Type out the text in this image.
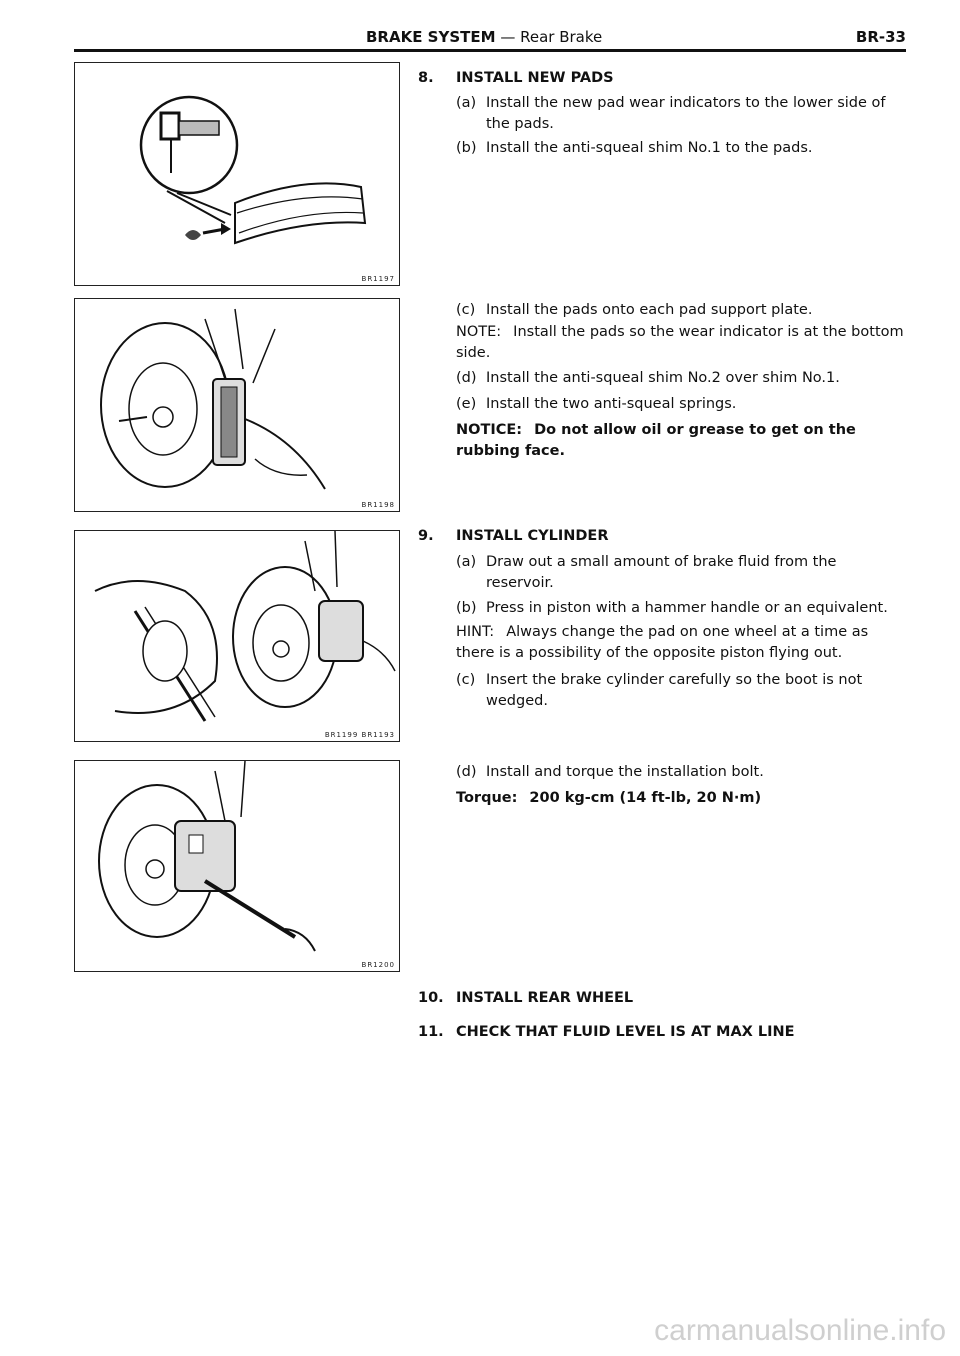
BRAKE SYSTEM — Rear Brake	BR-33
BR1197
BR1198
BR1199 BR1193
BR1200
8. INSTALL NEW PADS
(a) Install the new pad wear indicators to the lower side of the pads.
(b) Install the anti-squeal shim No.1 to the pads.
(c) Install the pads onto each pad support plate.
NOTE: Install the pads so the wear indicator is at the bottom side.
(d) Install the anti-squeal shim No.2 over shim No.1.
(e) Install the two anti-squeal springs.
NOTICE: Do not allow oil or grease to get on the rubbing face.
9. INSTALL CYLINDER
(a) Draw out a small amount of brake fluid from the reservoir.
(b) Press in piston with a hammer handle or an equivalent.
HINT: Always change the pad on one wheel at a time as there is a possibility of the opposite piston flying out.
(c) Insert the brake cylinder carefully so the boot is not wedged.
(d) Install and torque the installation bolt.
Torque: 200 kg-cm (14 ft-lb, 20 N·m)
10. INSTALL REAR WHEEL
11. CHECK THAT FLUID LEVEL IS AT MAX LINE
carmanualsonline.info
